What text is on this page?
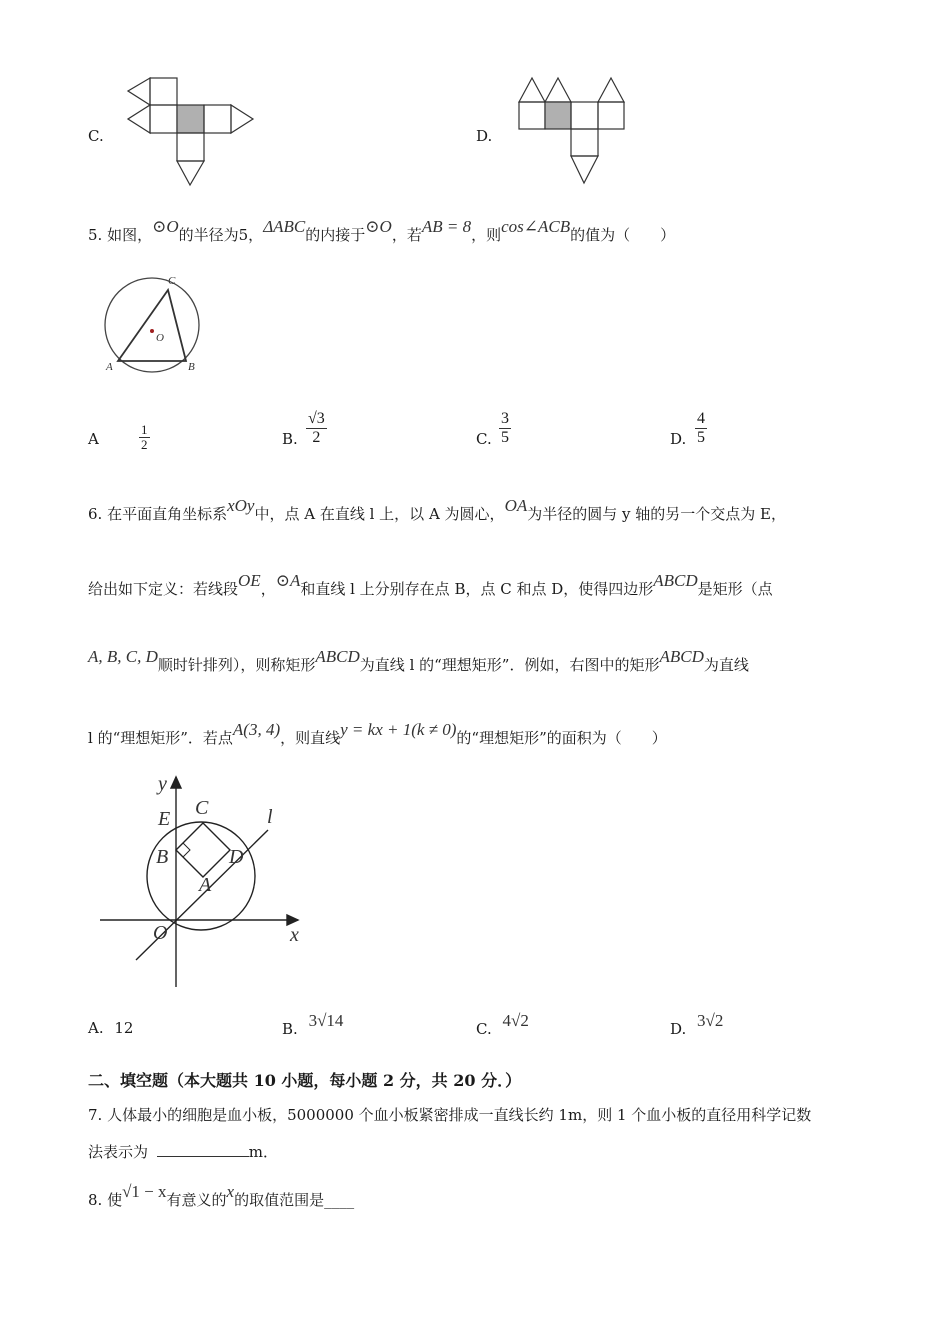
C.	D.
5. 如图，⊙O的半径为5，ΔABC的内接于⊙O，若AB = 8，则cos∠ACB的值为（　　）
C
O
A	B
A	$\frac{1}{2}$	B. $\frac{√3}{2}$	C. $\frac{3}{5}$	D. $\frac{4}{5}$
6. 在平面直角坐标系xOy中，点 A 在直线 l 上，以 A 为圆心，OA为半径的圆与 y 轴的另一个交点为 E，
给出如下定义：若线段OE，⊙A和直线 l 上分别存在点 B，点 C 和点 D，使得四边形ABCD是矩形（点
A, B, C, D顺时针排列），则称矩形ABCD为直线 l 的“理想矩形”．例如，右图中的矩形ABCD为直线
l 的“理想矩形”．若点A(3, 4)，则直线y = kx + 1(k ≠ 0)的“理想矩形”的面积为（　　）
y
x
l
C
E
B	D
A
O
A. 12	B. 3√14	C. 4√2	D. 3√2
二、填空题（本大题共 10 小题，每小题 2 分，共 20 分．）
7. 人体最小的细胞是血小板，5000000 个血小板紧密排成一直线长约 1m，则 1 个血小板的直径用科学记数
法表示为	m．
8. 使√1 − x有意义的x的取值范围是____
